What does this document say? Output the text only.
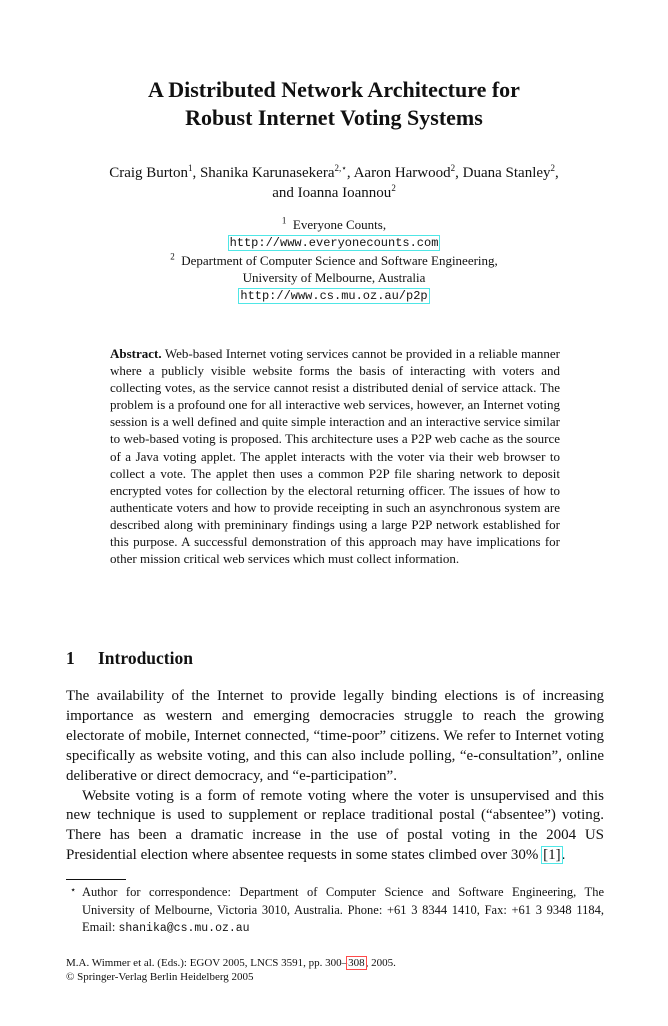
A Distributed Network Architecture for
Robust Internet Voting Systems
Craig Burton$^1$, Shanika Karunasekera$^{2,⋆}$, Aaron Harwood$^2$, Duana Stanley$^2$,
and Ioanna Ioannou$^2$
$^1$ Everyone Counts,
http://www.everyonecounts.com
$^2$ Department of Computer Science and Software Engineering,
University of Melbourne, Australia
http://www.cs.mu.oz.au/p2p
Abstract. Web-based Internet voting services cannot be provided in a reliable manner where a publicly visible website forms the basis of interacting with voters and collecting votes, as the service cannot resist a distributed denial of service attack. The problem is a profound one for all interactive web services, however, an Internet voting session is a well defined and quite simple interaction and an interactive service similar to web-based voting is proposed. This architecture uses a P2P web cache as the source of a Java voting applet. The applet interacts with the voter via their web browser to collect a vote. The applet then uses a common P2P file sharing network to deposit encrypted votes for collection by the electoral returning officer. The issues of how to authenticate voters and how to provide receipting in such an asynchronous system are described along with premininary findings using a large P2P network established for this purpose. A successful demonstration of this approach may have implications for other mission critical web services which must collect information.
1 Introduction

The availability of the Internet to provide legally binding elections is of increasing importance as western and emerging democracies struggle to reach the growing electorate of mobile, Internet connected, “time-poor” citizens. We refer to Internet voting specifically as website voting, and this can also include polling, “e-consultation”, online deliberative or direct democracy, and “e-participation”.

Website voting is a form of remote voting where the voter is unsupervised and this new technique is used to supplement or replace traditional postal (“absentee”) voting. There has been a dramatic increase in the use of postal voting in the 2004 US Presidential election where absentee requests in some states climbed over 30% [1].

⋆ Author for correspondence: Department of Computer Science and Software Engineering, The University of Melbourne, Victoria 3010, Australia. Phone: +61 3 8344 1410, Fax: +61 3 9348 1184, Email: shanika@cs.mu.oz.au
M.A. Wimmer et al. (Eds.): EGOV 2005, LNCS 3591, pp. 300–308, 2005.
© Springer-Verlag Berlin Heidelberg 2005
